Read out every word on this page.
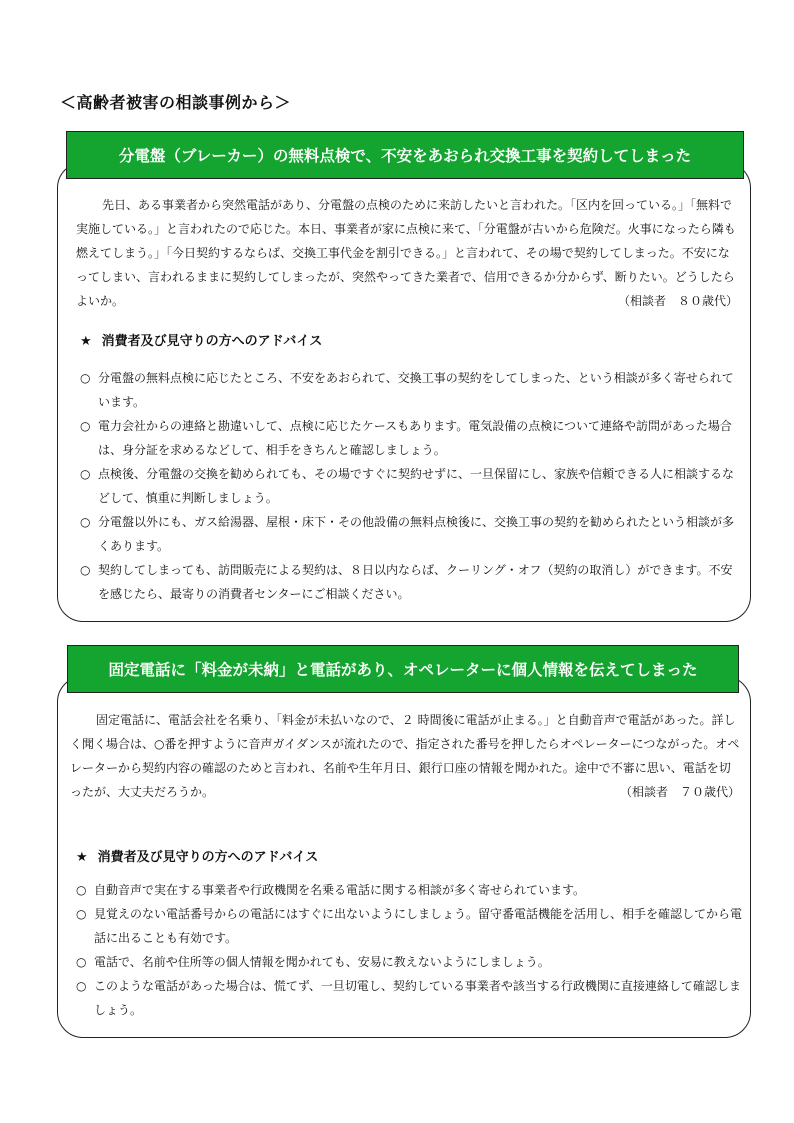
＜高齢者被害の相談事例から＞
分電盤（ブレーカー）の無料点検で、不安をあおられ交換工事を契約してしまった
先日、ある事業者から突然電話があり、分電盤の点検のために来訪したいと言われた。「区内を回っている。」「無料で実施している。」と言われたので応じた。本日、事業者が家に点検に来て、「分電盤が古いから危険だ。火事になったら隣も燃えてしまう。」「今日契約するならば、交換工事代金を割引できる。」と言われて、その場で契約してしまった。不安になってしまい、言われるままに契約してしまったが、突然やってきた業者で、信用できるか分からず、断りたい。どうしたらよいか。	（相談者　８０歳代）
★ 消費者及び見守りの方へのアドバイス
○ 分電盤の無料点検に応じたところ、不安をあおられて、交換工事の契約をしてしまった、という相談が多く寄せられています。
○ 電力会社からの連絡と勘違いして、点検に応じたケースもあります。電気設備の点検について連絡や訪問があった場合は、身分証を求めるなどして、相手をきちんと確認しましょう。
○ 点検後、分電盤の交換を勧められても、その場ですぐに契約せずに、一旦保留にし、家族や信頼できる人に相談するなどして、慎重に判断しましょう。
○ 分電盤以外にも、ガス給湯器、屋根・床下・その他設備の無料点検後に、交換工事の契約を勧められたという相談が多くあります。
○ 契約してしまっても、訪問販売による契約は、８日以内ならば、クーリング・オフ（契約の取消し）ができます。不安を感じたら、最寄りの消費者センターにご相談ください。
固定電話に「料金が未納」と電話があり、オペレーターに個人情報を伝えてしまった
固定電話に、電話会社を名乗り、「料金が未払いなので、２ 時間後に電話が止まる。」と自動音声で電話があった。詳しく聞く場合は、○番を押すように音声ガイダンスが流れたので、指定された番号を押したらオペレーターにつながった。オペレーターから契約内容の確認のためと言われ、名前や生年月日、銀行口座の情報を聞かれた。途中で不審に思い、電話を切ったが、大丈夫だろうか。	（相談者　７０歳代）
★ 消費者及び見守りの方へのアドバイス
○ 自動音声で実在する事業者や行政機関を名乗る電話に関する相談が多く寄せられています。
○ 見覚えのない電話番号からの電話にはすぐに出ないようにしましょう。留守番電話機能を活用し、相手を確認してから電話に出ることも有効です。
○ 電話で、名前や住所等の個人情報を聞かれても、安易に教えないようにしましょう。
○ このような電話があった場合は、慌てず、一旦切電し、契約している事業者や該当する行政機関に直接連絡して確認しましょう。
